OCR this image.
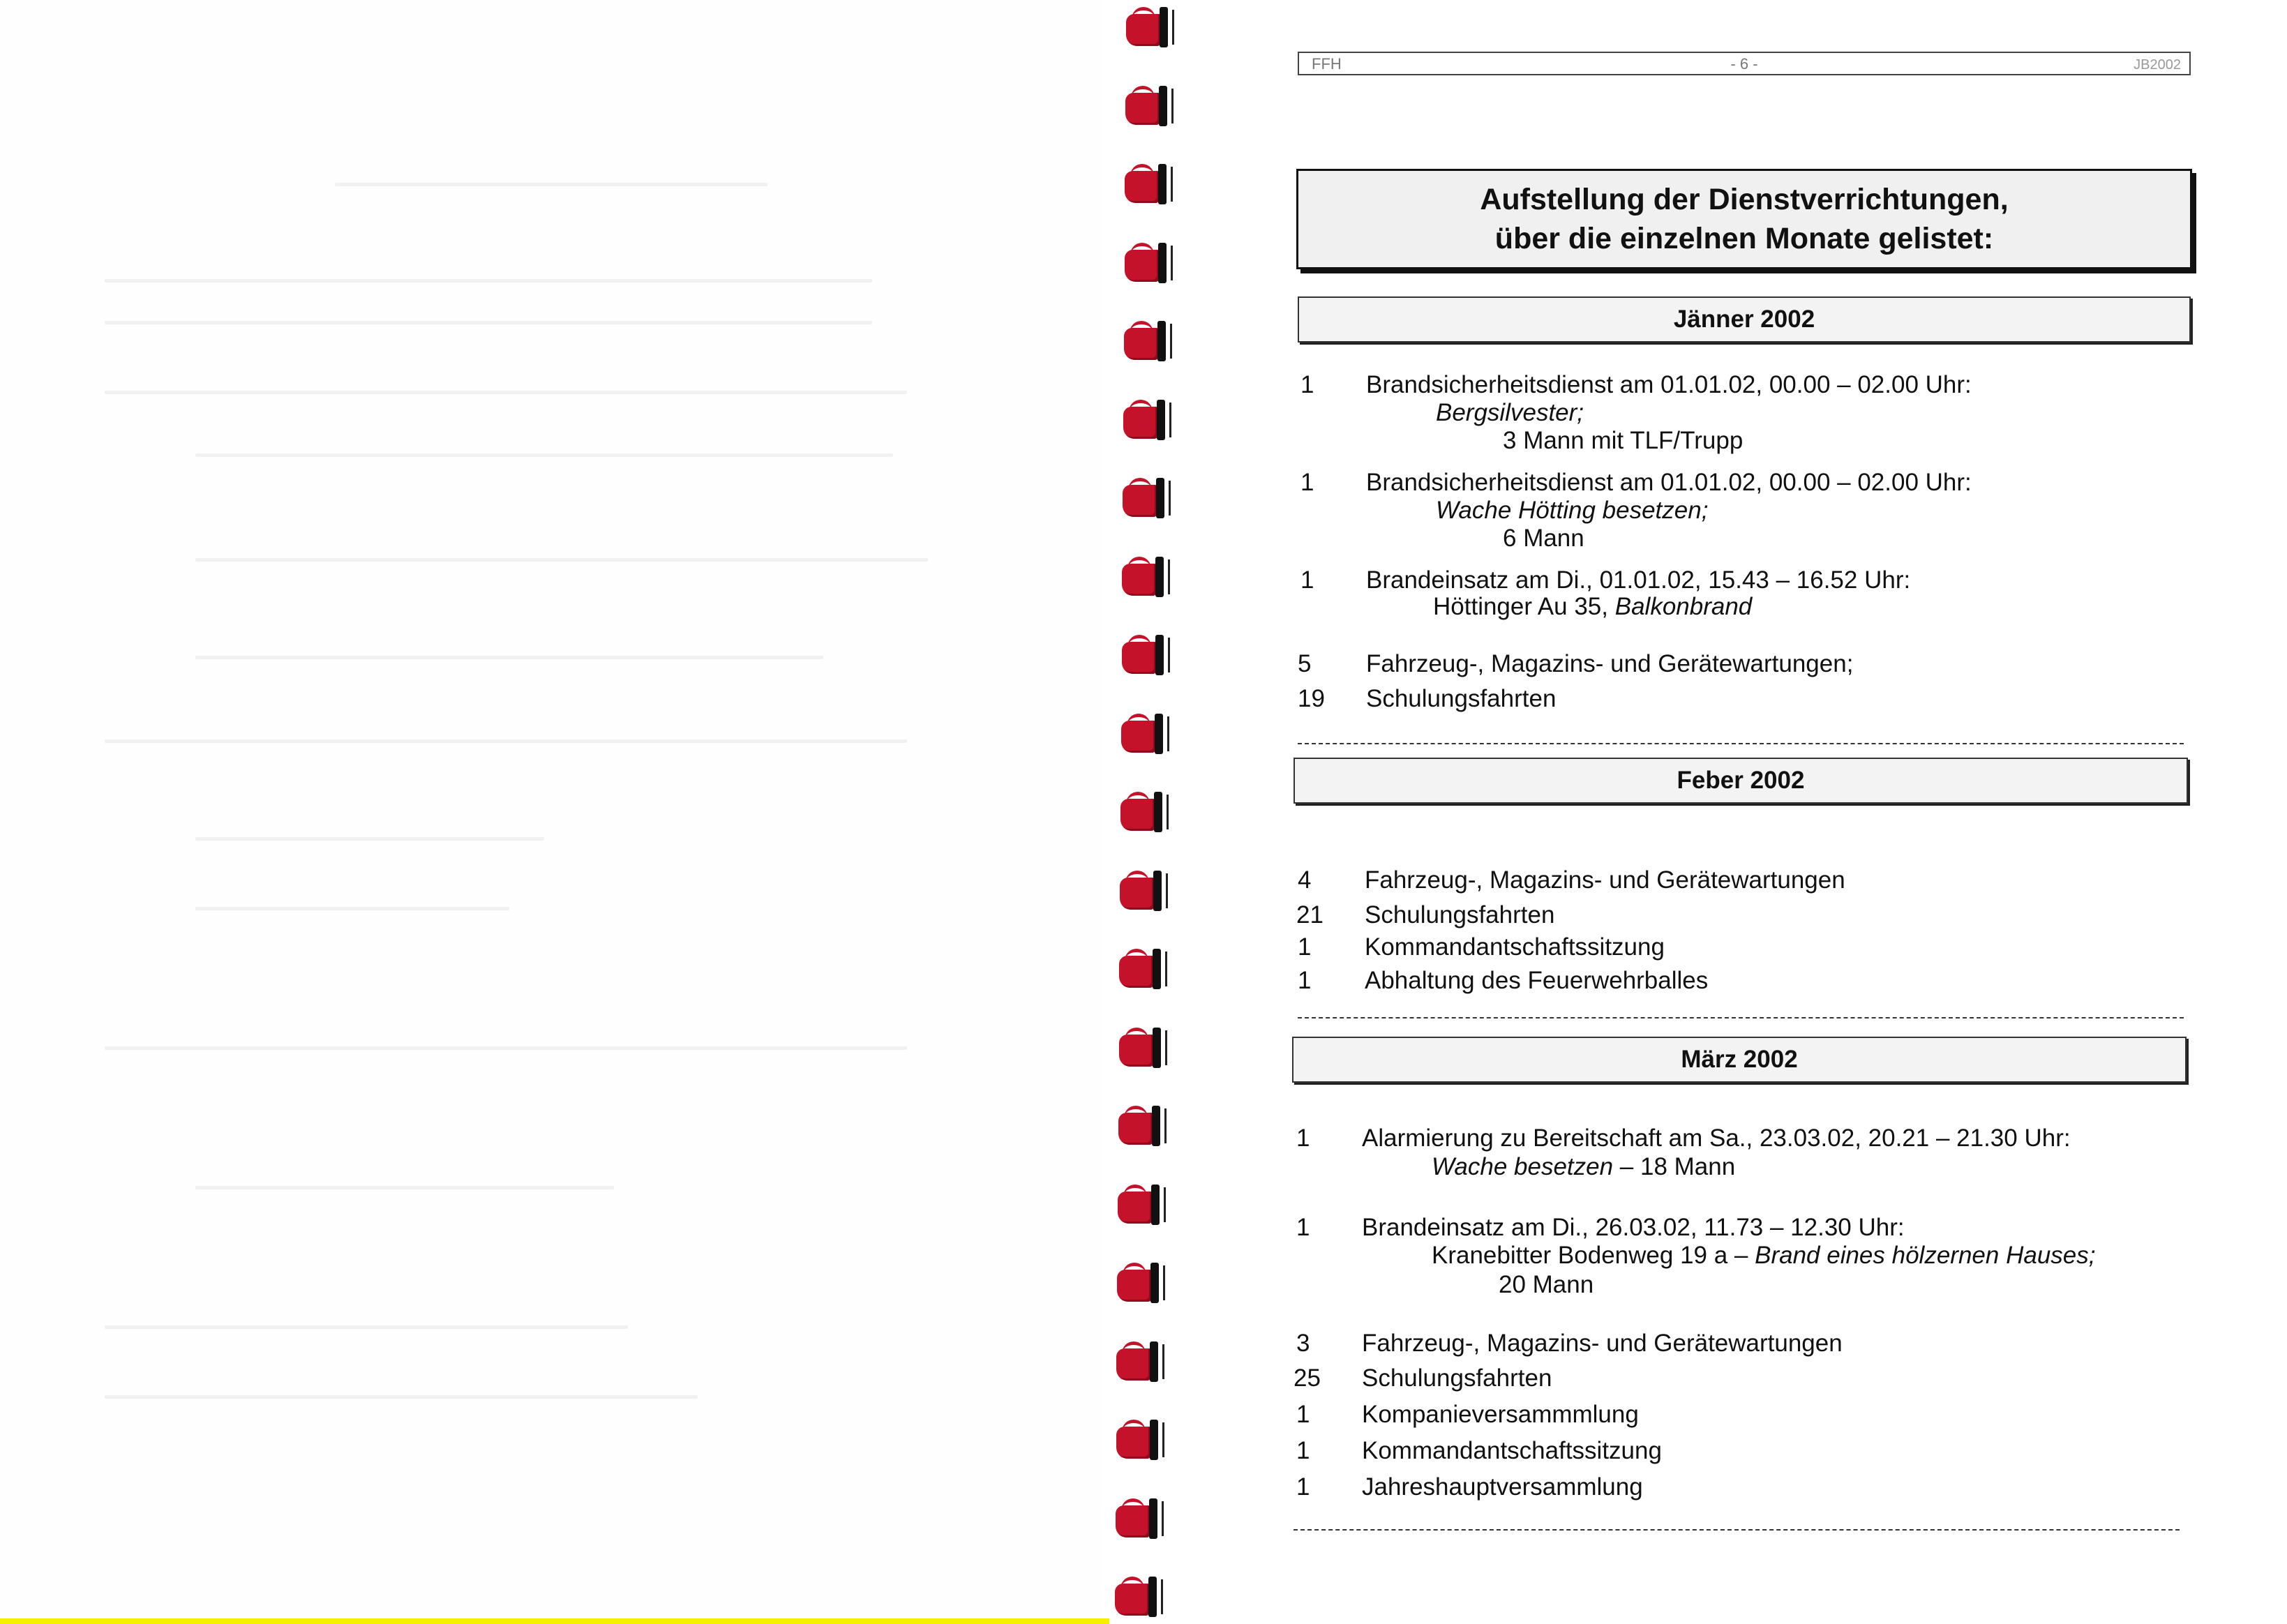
FFH	- 6 -	JB2002
Aufstellung der Dienstverrichtungen,
über die einzelnen Monate gelistet:
Jänner 2002
1 Brandsicherheitsdienst am 01.01.02, 00.00 – 02.00 Uhr:
Bergsilvester;
3 Mann mit TLF/Trupp
1 Brandsicherheitsdienst am 01.01.02, 00.00 – 02.00 Uhr:
Wache Hötting besetzen;
6 Mann
1 Brandeinsatz am Di., 01.01.02, 15.43 – 16.52 Uhr:
Höttinger Au 35, Balkonbrand
5 Fahrzeug-, Magazins- und Gerätewartungen;
19 Schulungsfahrten
Feber 2002
4 Fahrzeug-, Magazins- und Gerätewartungen
21 Schulungsfahrten
1 Kommandantschaftssitzung
1 Abhaltung des Feuerwehrballes
März 2002
1 Alarmierung zu Bereitschaft am Sa., 23.03.02, 20.21 – 21.30 Uhr:
Wache besetzen – 18 Mann
1 Brandeinsatz am Di., 26.03.02, 11.73 – 12.30 Uhr:
Kranebitter Bodenweg 19 a – Brand eines hölzernen Hauses;
20 Mann
3 Fahrzeug-, Magazins- und Gerätewartungen
25 Schulungsfahrten
1 Kompanieversammmlung
1 Kommandantschaftssitzung
1 Jahreshauptversammlung
